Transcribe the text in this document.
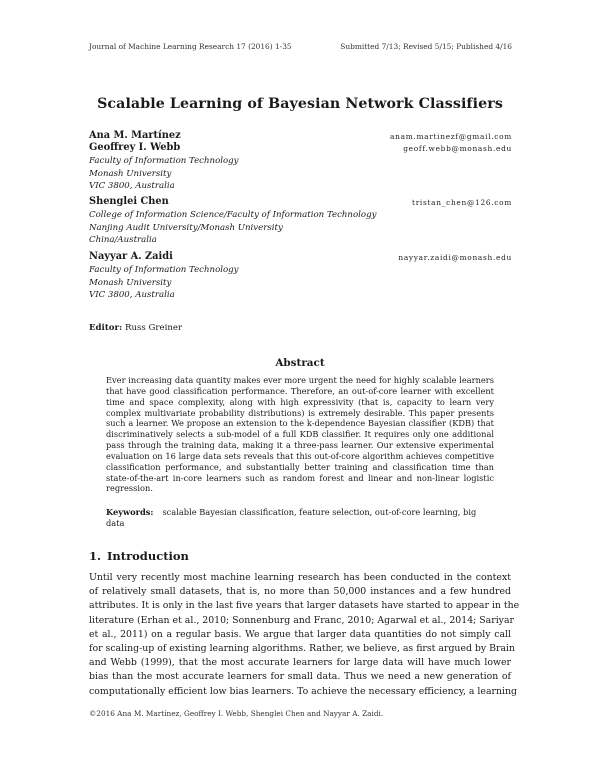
Journal of Machine Learning Research 17 (2016) 1-35	Submitted 7/13; Revised 5/15; Published 4/16
Scalable Learning of Bayesian Network Classifiers
Ana M. Martínez	anam.martinezf@gmail.com
Geoffrey I. Webb	geoff.webb@monash.edu
Faculty of Information Technology
Monash University
VIC 3800, Australia
Shenglei Chen	tristan_chen@126.com
College of Information Science/Faculty of Information Technology
Nanjing Audit University/Monash University
China/Australia
Nayyar A. Zaidi	nayyar.zaidi@monash.edu
Faculty of Information Technology
Monash University
VIC 3800, Australia
Editor: Russ Greiner
Abstract
Ever increasing data quantity makes ever more urgent the need for highly scalable learners
that have good classification performance. Therefore, an out-of-core learner with excellent
time and space complexity, along with high expressivity (that is, capacity to learn very
complex multivariate probability distributions) is extremely desirable. This paper presents
such a learner. We propose an extension to the k-dependence Bayesian classifier (KDB) that
discriminatively selects a sub-model of a full KDB classifier. It requires only one additional
pass through the training data, making it a three-pass learner. Our extensive experimental
evaluation on 16 large data sets reveals that this out-of-core algorithm achieves competitive
classification performance, and substantially better training and classification time than
state-of-the-art in-core learners such as random forest and linear and non-linear logistic
regression.
Keywords: scalable Bayesian classification, feature selection, out-of-core learning, big data
1. Introduction
Until very recently most machine learning research has been conducted in the context
of relatively small datasets, that is, no more than 50,000 instances and a few hundred
attributes. It is only in the last five years that larger datasets have started to appear in the
literature (Erhan et al., 2010; Sonnenburg and Franc, 2010; Agarwal et al., 2014; Sariyar
et al., 2011) on a regular basis. We argue that larger data quantities do not simply call
for scaling-up of existing learning algorithms. Rather, we believe, as first argued by Brain
and Webb (1999), that the most accurate learners for large data will have much lower
bias than the most accurate learners for small data. Thus we need a new generation of
computationally efficient low bias learners. To achieve the necessary efficiency, a learning
©2016 Ana M. Martínez, Geoffrey I. Webb, Shenglei Chen and Nayyar A. Zaidi.
